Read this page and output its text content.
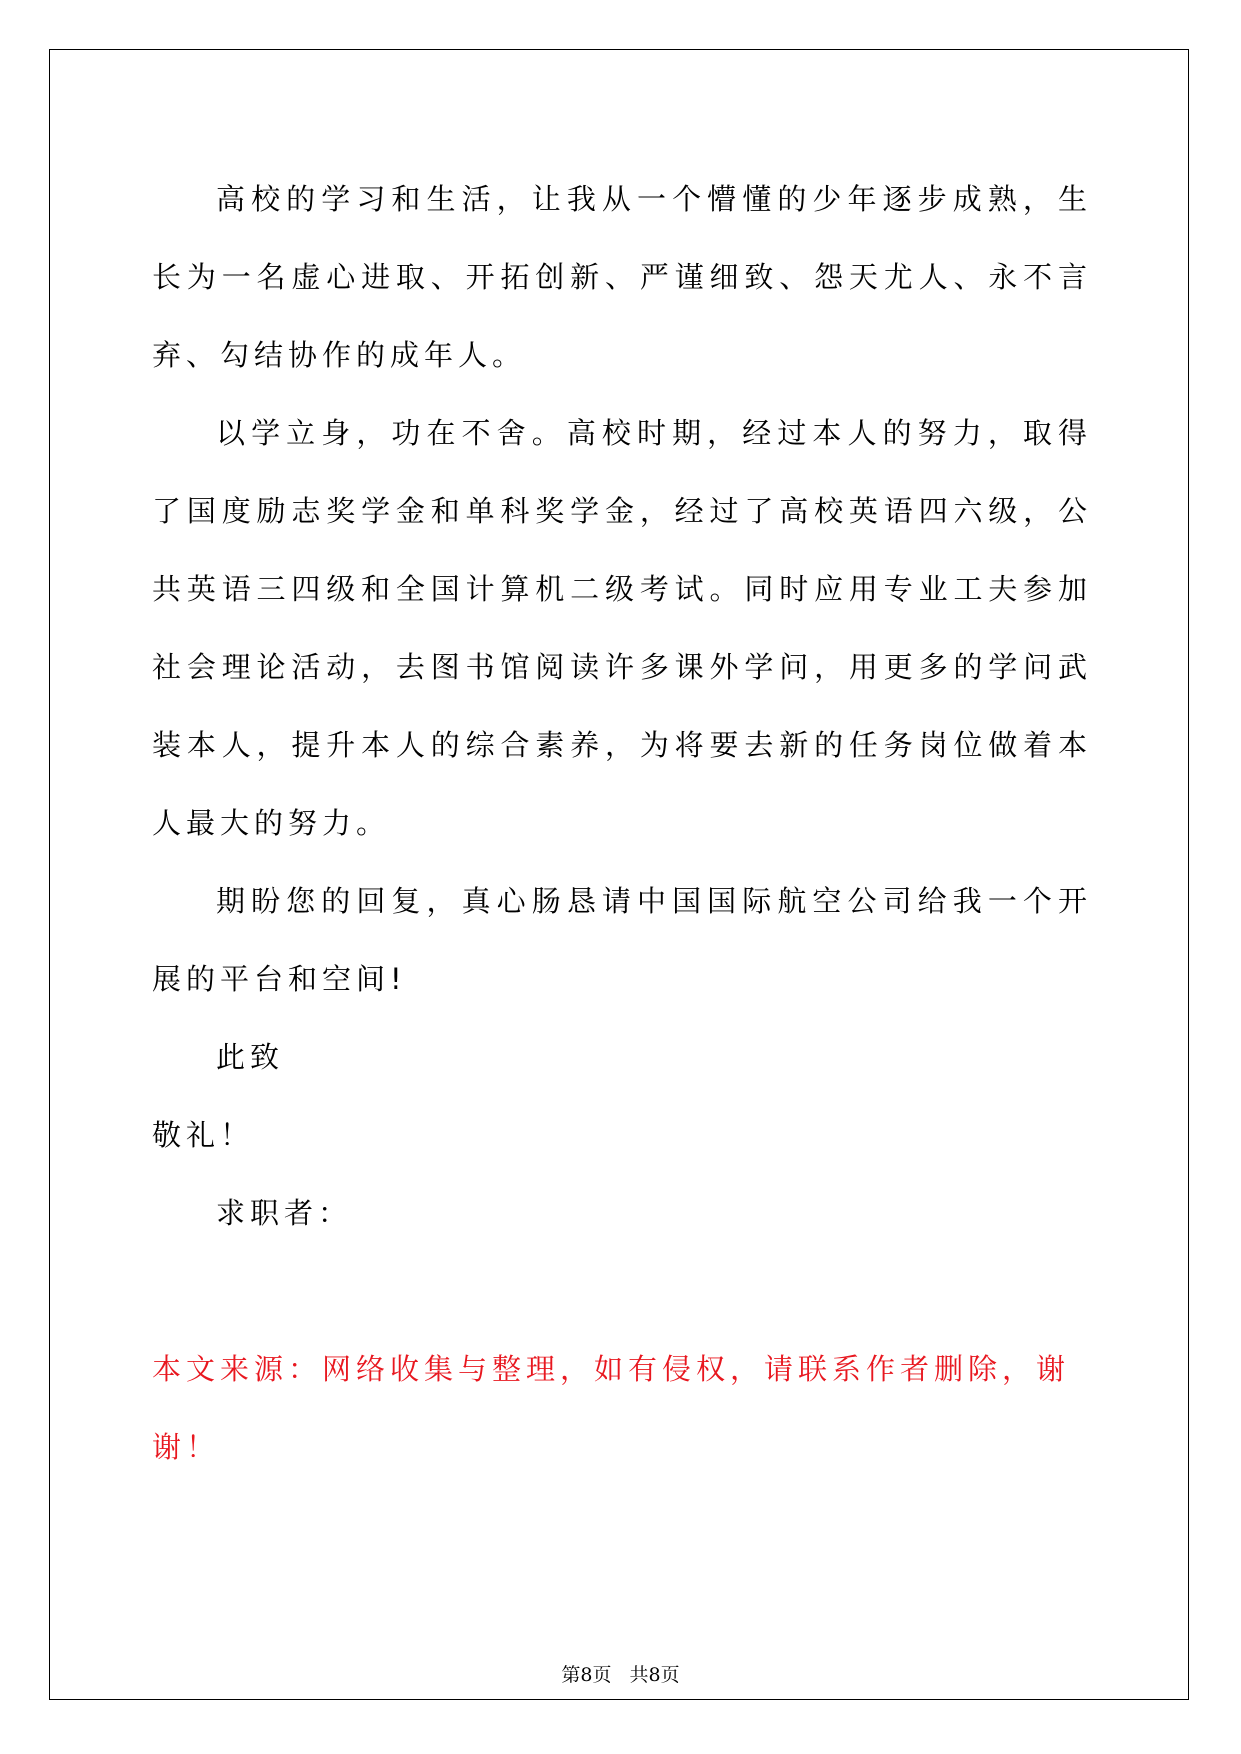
高校的学习和生活，让我从一个懵懂的少年逐步成熟，生长为一名虚心进取、开拓创新、严谨细致、怨天尤人、永不言弃、勾结协作的成年人。

以学立身，功在不舍。高校时期，经过本人的努力，取得了国度励志奖学金和单科奖学金，经过了高校英语四六级，公共英语三四级和全国计算机二级考试。同时应用专业工夫参加社会理论活动，去图书馆阅读许多课外学问，用更多的学问武装本人，提升本人的综合素养，为将要去新的任务岗位做着本人最大的努力。

期盼您的回复，真心肠恳请中国国际航空公司给我一个开展的平台和空间!

此致

敬礼！

求职者：

本文来源：网络收集与整理，如有侵权，请联系作者删除，谢谢！

第8页 共8页
